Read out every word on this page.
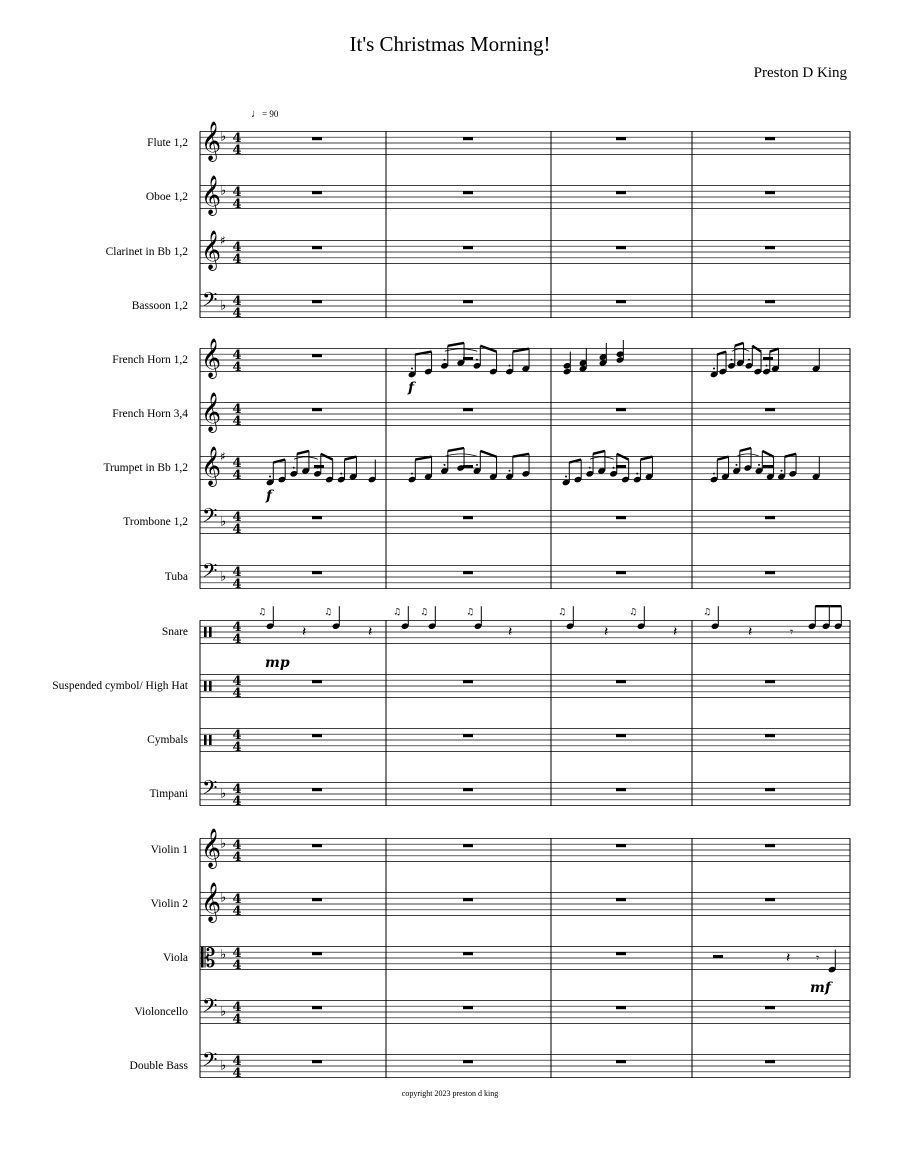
It's Christmas Morning!
Preston D King
♩= 90
copyright 2023 preston d king
Flute 1,2
Oboe 1,2
Clarinet in Bb 1,2
Bassoon 1,2
French Horn 1,2
French Horn 3,4
Trumpet in Bb 1,2
Trombone 1,2
Tuba
Snare
Suspended cymbol/ High Hat
Cymbals
Timpani
Violin 1
Violin 2
Viola
Violoncello
Double Bass
𝄞
♭ 4
4
𝄞
♭ 4
4
𝄞
♯ 4
4
𝄢 ♭ 4
4
𝄞 4
4
𝄞 4
4
𝄞
♯ 4
4
𝄢 ♭ 4
4
𝄢 ♭ 4
4
4
4
4
4
4
4
𝄢 ♭ 4
4
𝄞
♭ 4
4
𝄞
♭ 4
4
𝄡 ♭ 4
4
𝄢 ♭ 4
4
𝄢 ♭ 4
4
♫	♫
𝄽	𝄽
♫ ♫	♫
𝄽
♫
𝄽
♫
𝄽
♫
𝄽	𝄾
𝄽 𝄾
f
f
mp
mf
